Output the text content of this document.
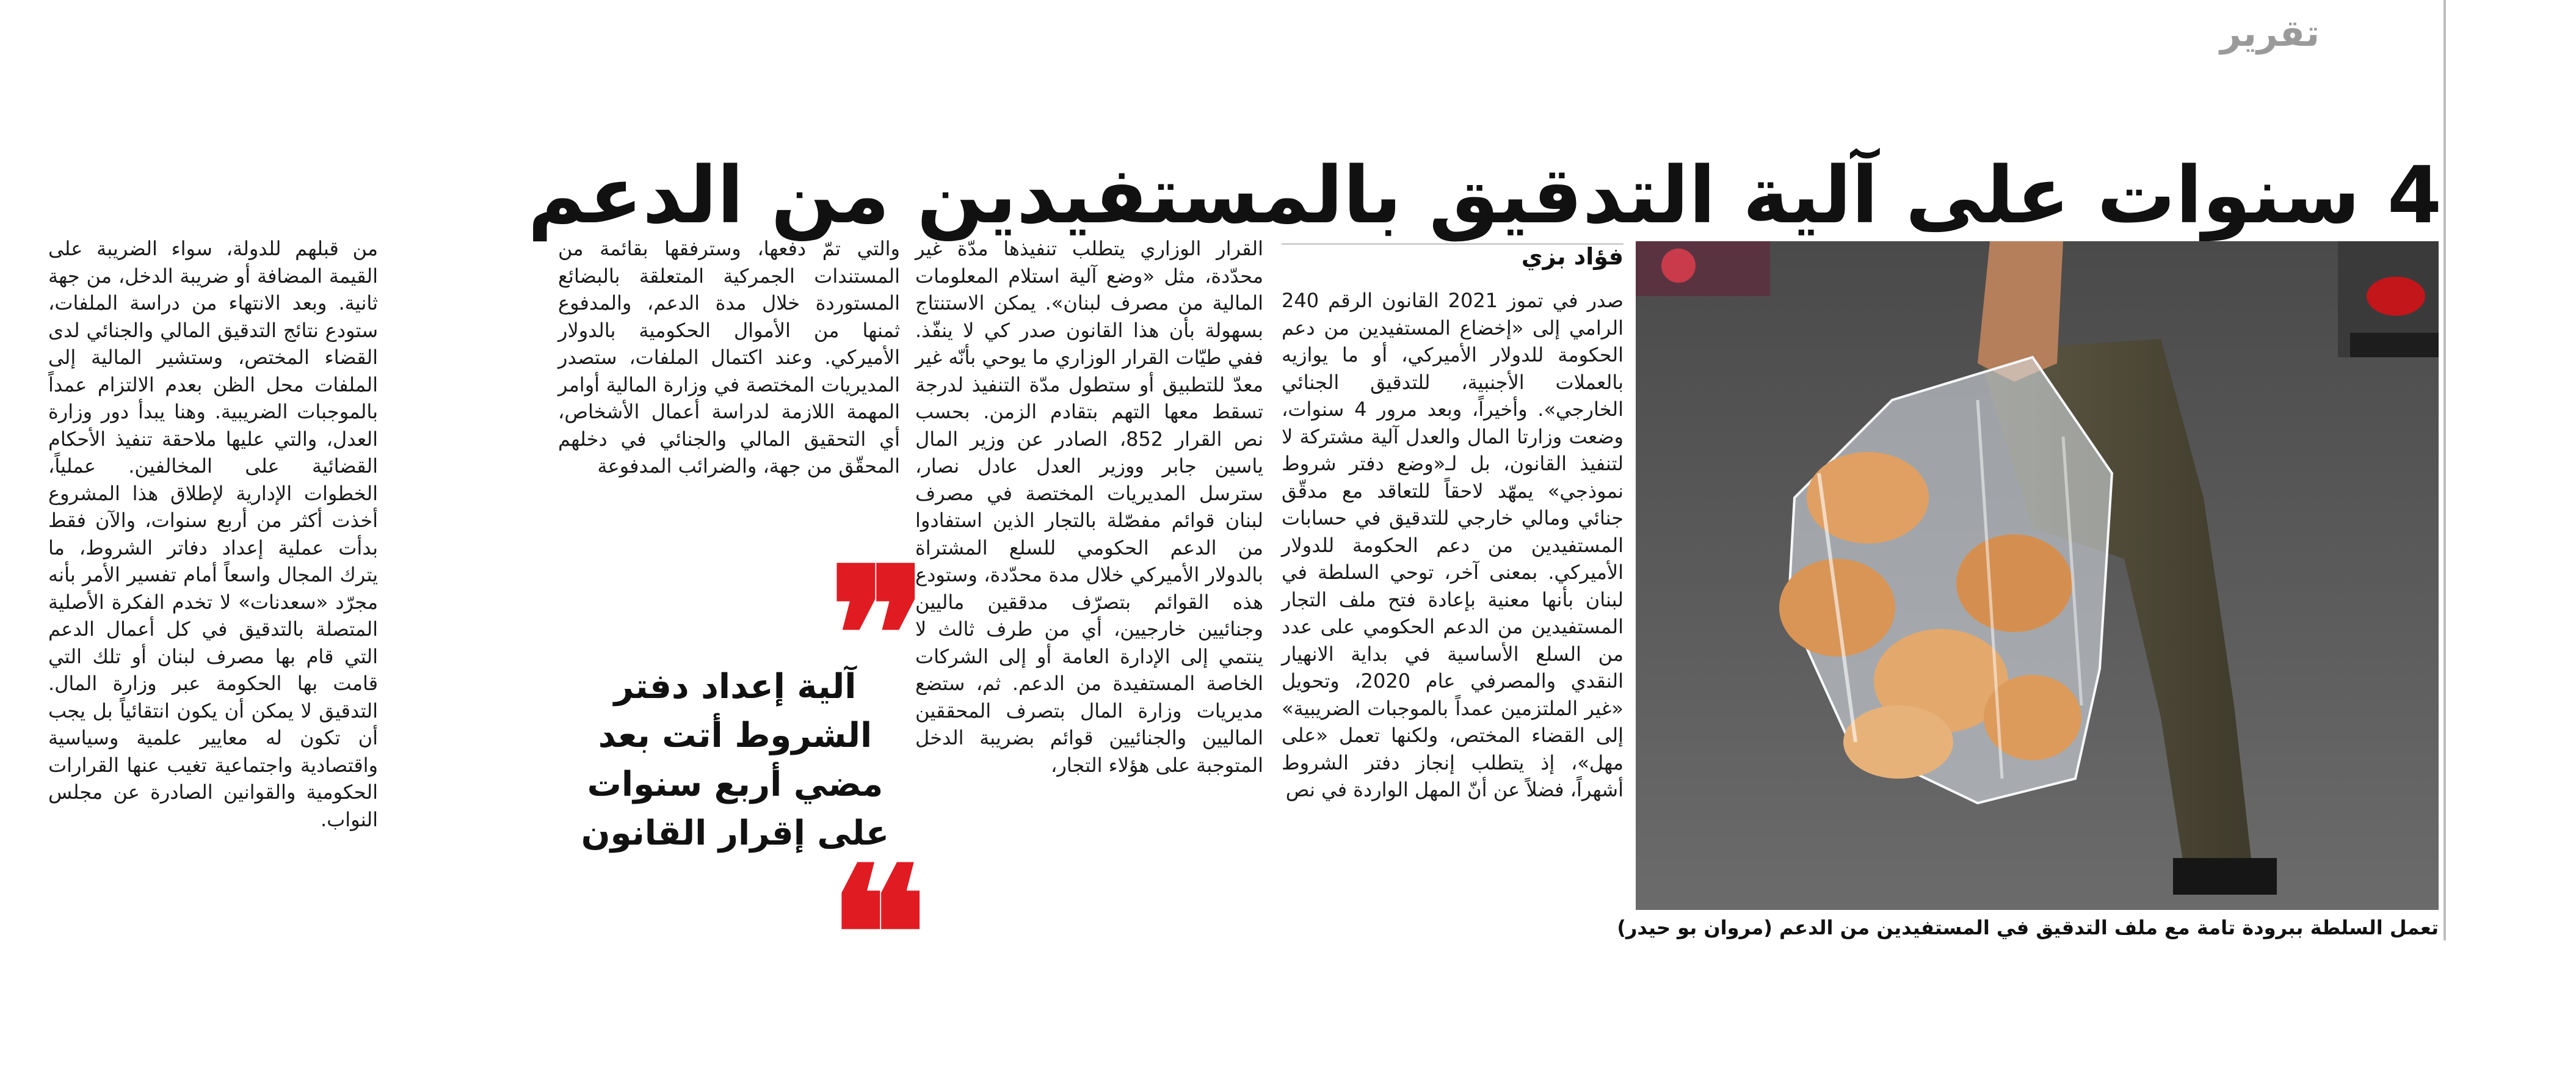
تقرير
4 سنوات على آلية التدقيق بالمستفيدين من الدعم
تعمل السلطة ببرودة تامة مع ملف التدقيق في المستفيدين من الدعم (مروان بو حيدر)
فؤاد بزي

صدر في تموز 2021 القانون الرقم 240 الرامي إلى «إخضاع المستفيدين من دعم الحكومة للدولار الأميركي، أو ما يوازيه بالعملات الأجنبية، للتدقيق الجنائي الخارجي». وأخيراً، وبعد مرور 4 سنوات، وضعت وزارتا المال والعدل آلية مشتركة لا لتنفيذ القانون، بل لـ«وضع دفتر شروط نموذجي» يمهّد لاحقاً للتعاقد مع مدقّق جنائي ومالي خارجي للتدقيق في حسابات المستفيدين من دعم الحكومة للدولار الأميركي. بمعنى آخر، توحي السلطة في لبنان بأنها معنية بإعادة فتح ملف التجار المستفيدين من الدعم الحكومي على عدد من السلع الأساسية في بداية الانهيار النقدي والمصرفي عام 2020، وتحويل «غير الملتزمين عمداً بالموجبات الضريبية» إلى القضاء المختص، ولكنها تعمل «على مهل»، إذ يتطلب إنجاز دفتر الشروط أشهراً، فضلاً عن أنّ المهل الواردة في نص

القرار الوزاري يتطلب تنفيذها مدّة غير محدّدة، مثل «وضع آلية استلام المعلومات المالية من مصرف لبنان». يمكن الاستنتاج بسهولة بأن هذا القانون صدر كي لا ينفّذ. ففي طيّات القرار الوزاري ما يوحي بأنّه غير معدّ للتطبيق أو ستطول مدّة التنفيذ لدرجة تسقط معها التهم بتقادم الزمن. بحسب نص القرار 852، الصادر عن وزير المال ياسين جابر ووزير العدل عادل نصار، سترسل المديريات المختصة في مصرف لبنان قوائم مفصّلة بالتجار الذين استفادوا من الدعم الحكومي للسلع المشتراة بالدولار الأميركي خلال مدة محدّدة، وستودع هذه القوائم بتصرّف مدققين ماليين وجنائيين خارجيين، أي من طرف ثالث لا ينتمي إلى الإدارة العامة أو إلى الشركات الخاصة المستفيدة من الدعم. ثم، ستضع مديريات وزارة المال بتصرف المحققين الماليين والجنائيين قوائم بضريبة الدخل المتوجبة على هؤلاء التجار،

والتي تمّ دفعها، وسترفقها بقائمة من المستندات الجمركية المتعلقة بالبضائع المستوردة خلال مدة الدعم، والمدفوع ثمنها من الأموال الحكومية بالدولار الأميركي. وعند اكتمال الملفات، ستصدر المديريات المختصة في وزارة المالية أوامر المهمة اللازمة لدراسة أعمال الأشخاص، أي التحقيق المالي والجنائي في دخلهم المحقّق من جهة، والضرائب المدفوعة

❞
آلية إعداد دفتر الشروط أتت بعد مضي أربع سنوات على إقرار القانون
❝

من قبلهم للدولة، سواء الضريبة على القيمة المضافة أو ضريبة الدخل، من جهة ثانية. وبعد الانتهاء من دراسة الملفات، ستودع نتائج التدقيق المالي والجنائي لدى القضاء المختص، وستشير المالية إلى الملفات محل الظن بعدم الالتزام عمداً بالموجبات الضريبية. وهنا يبدأ دور وزارة العدل، والتي عليها ملاحقة تنفيذ الأحكام القضائية على المخالفين. عملياً، الخطوات الإدارية لإطلاق هذا المشروع أخذت أكثر من أربع سنوات، والآن فقط بدأت عملية إعداد دفاتر الشروط، ما يترك المجال واسعاً أمام تفسير الأمر بأنه مجرّد «سعدنات» لا تخدم الفكرة الأصلية المتصلة بالتدقيق في كل أعمال الدعم التي قام بها مصرف لبنان أو تلك التي قامت بها الحكومة عبر وزارة المال. التدقيق لا يمكن أن يكون انتقائياً بل يجب أن تكون له معايير علمية وسياسية واقتصادية واجتماعية تغيب عنها القرارات الحكومية والقوانين الصادرة عن مجلس النواب.
